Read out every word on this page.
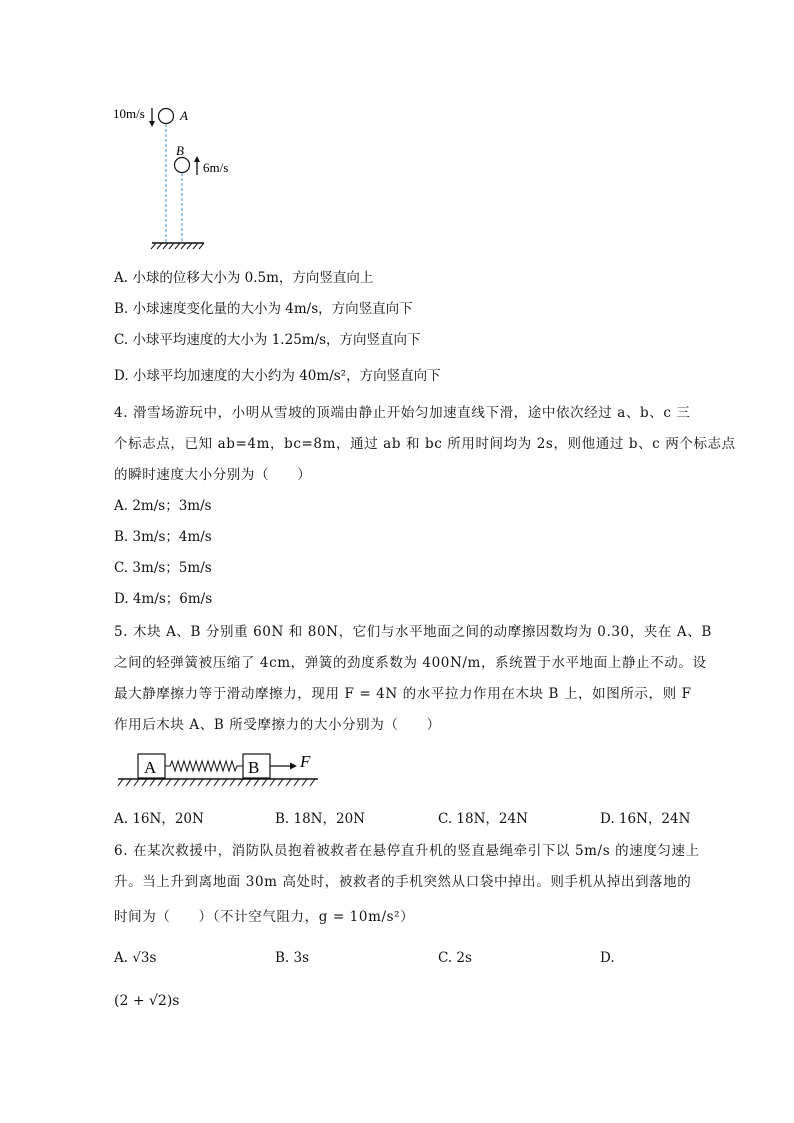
10m/s	A
B
6m/s
A. 小球的位移大小为 0.5m，方向竖直向上
B. 小球速度变化量的大小为 4m/s，方向竖直向下
C. 小球平均速度的大小为 1.25m/s，方向竖直向下
D. 小球平均加速度的大小约为 40m/s²，方向竖直向下
4. 滑雪场游玩中，小明从雪坡的顶端由静止开始匀加速直线下滑，途中依次经过 a、b、c 三
个标志点，已知 ab=4m，bc=8m，通过 ab 和 bc 所用时间均为 2s，则他通过 b、c 两个标志点
的瞬时速度大小分别为（　　）
A. 2m/s；3m/s
B. 3m/s；4m/s
C. 3m/s；5m/s
D. 4m/s；6m/s
5. 木块 A、B 分别重 60N 和 80N，它们与水平地面之间的动摩擦因数均为 0.30，夹在 A、B
之间的轻弹簧被压缩了 4cm，弹簧的劲度系数为 400N/m，系统置于水平地面上静止不动。设
最大静摩擦力等于滑动摩擦力，现用 F = 4N 的水平拉力作用在木块 B 上，如图所示，则 F
作用后木块 A、B 所受摩擦力的大小分别为（　　）
A	B F
A. 16N，20N	B. 18N，20N	C. 18N，24N	D. 16N，24N
6. 在某次救援中，消防队员抱着被救者在悬停直升机的竖直悬绳牵引下以 5m/s 的速度匀速上
升。当上升到离地面 30m 高处时，被救者的手机突然从口袋中掉出。则手机从掉出到落地的
时间为（　　）（不计空气阻力，g = 10m/s²）
A. √3s	B. 3s	C. 2s	D.
(2 + √2)s
